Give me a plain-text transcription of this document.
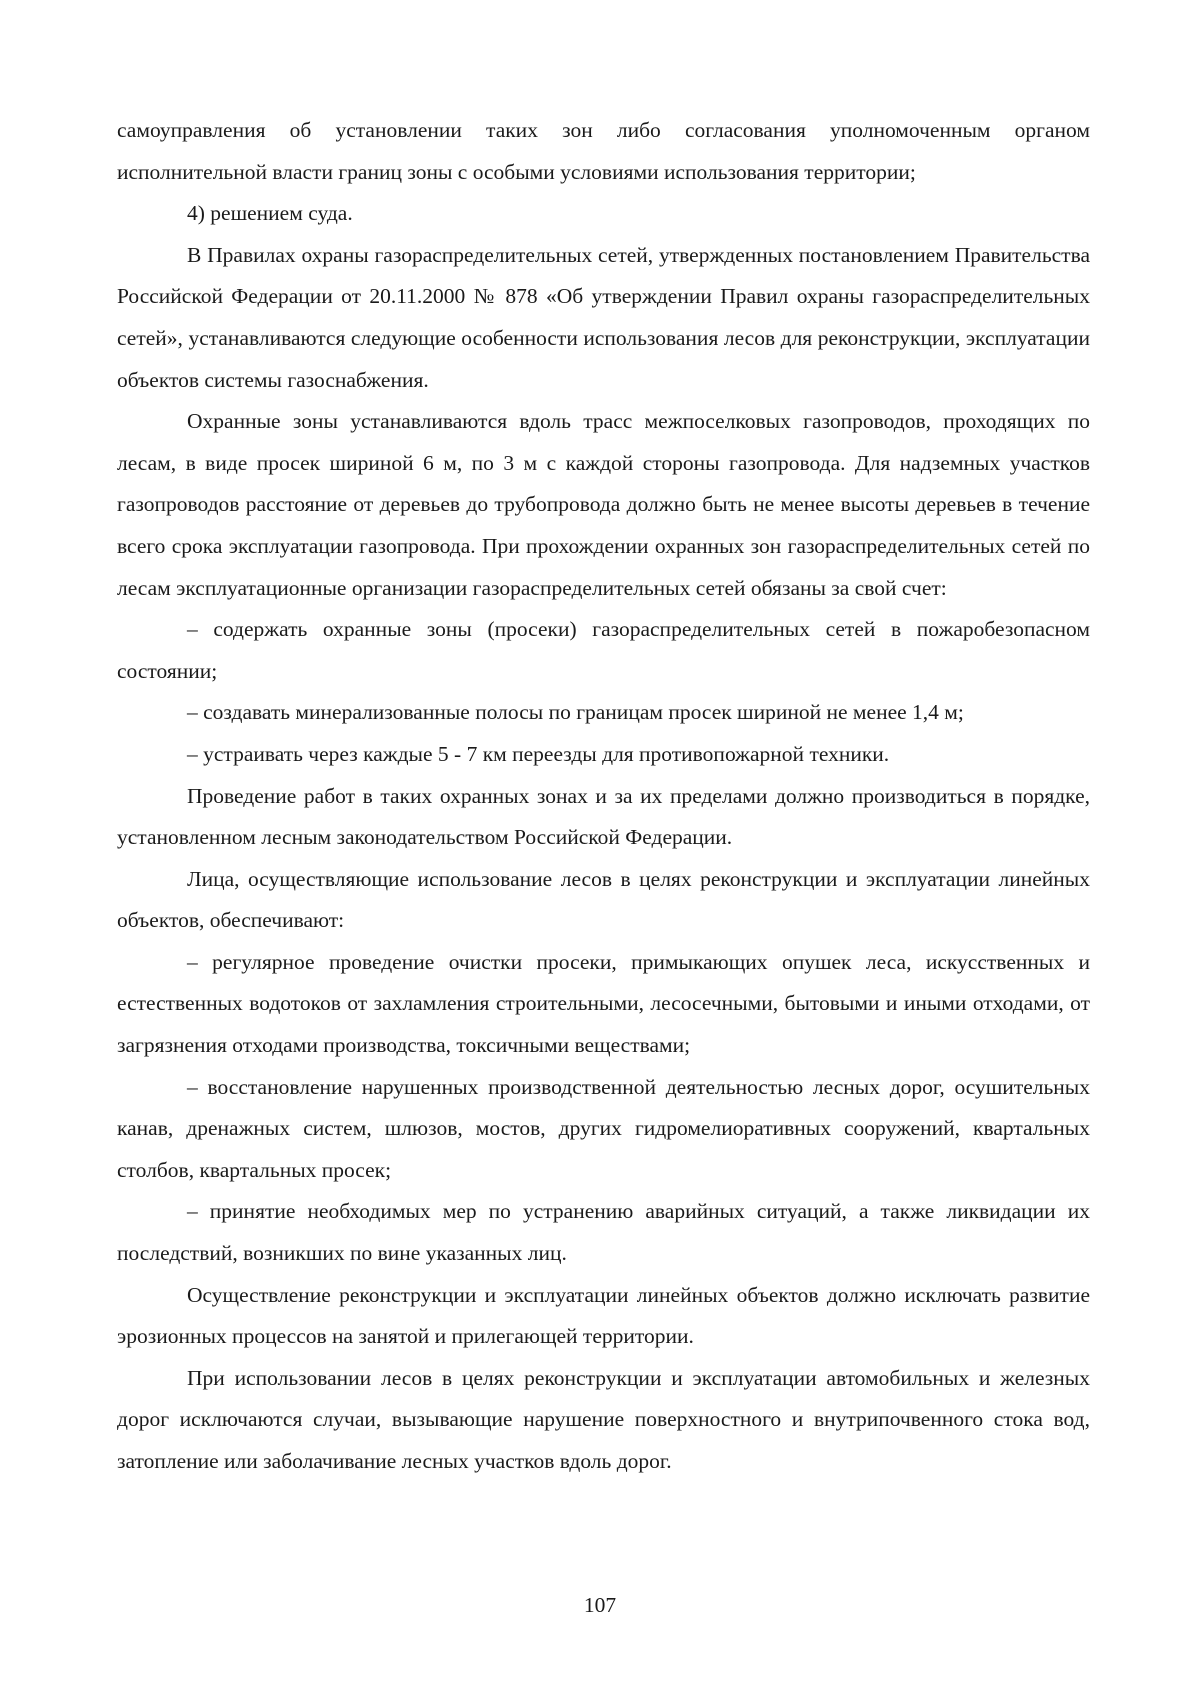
самоуправления об установлении таких зон либо согласования уполномоченным органом исполнительной власти границ зоны с особыми условиями использования территории;

4) решением суда.

В Правилах охраны газораспределительных сетей, утвержденных постановлением Правительства Российской Федерации от 20.11.2000 № 878 «Об утверждении Правил охраны газораспределительных сетей», устанавливаются следующие особенности использования лесов для реконструкции, эксплуатации объектов системы газоснабжения.

Охранные зоны устанавливаются вдоль трасс межпоселковых газопроводов, проходящих по лесам, в виде просек шириной 6 м, по 3 м с каждой стороны газопровода. Для надземных участков газопроводов расстояние от деревьев до трубопровода должно быть не менее высоты деревьев в течение всего срока эксплуатации газопровода. При прохождении охранных зон газораспределительных сетей по лесам эксплуатационные организации газораспределительных сетей обязаны за свой счет:

– содержать охранные зоны (просеки) газораспределительных сетей в пожаробезопасном состоянии;

– создавать минерализованные полосы по границам просек шириной не менее 1,4 м;

– устраивать через каждые 5 - 7 км переезды для противопожарной техники.

Проведение работ в таких охранных зонах и за их пределами должно производиться в порядке, установленном лесным законодательством Российской Федерации.

Лица, осуществляющие использование лесов в целях реконструкции и эксплуатации линейных объектов, обеспечивают:

– регулярное проведение очистки просеки, примыкающих опушек леса, искусственных и естественных водотоков от захламления строительными, лесосечными, бытовыми и иными отходами, от загрязнения отходами производства, токсичными веществами;

– восстановление нарушенных производственной деятельностью лесных дорог, осушительных канав, дренажных систем, шлюзов, мостов, других гидромелиоративных сооружений, квартальных столбов, квартальных просек;

– принятие необходимых мер по устранению аварийных ситуаций, а также ликвидации их последствий, возникших по вине указанных лиц.

Осуществление реконструкции и эксплуатации линейных объектов должно исключать развитие эрозионных процессов на занятой и прилегающей территории.

При использовании лесов в целях реконструкции и эксплуатации автомобильных и железных дорог исключаются случаи, вызывающие нарушение поверхностного и внутрипочвенного стока вод, затопление или заболачивание лесных участков вдоль дорог.

107
